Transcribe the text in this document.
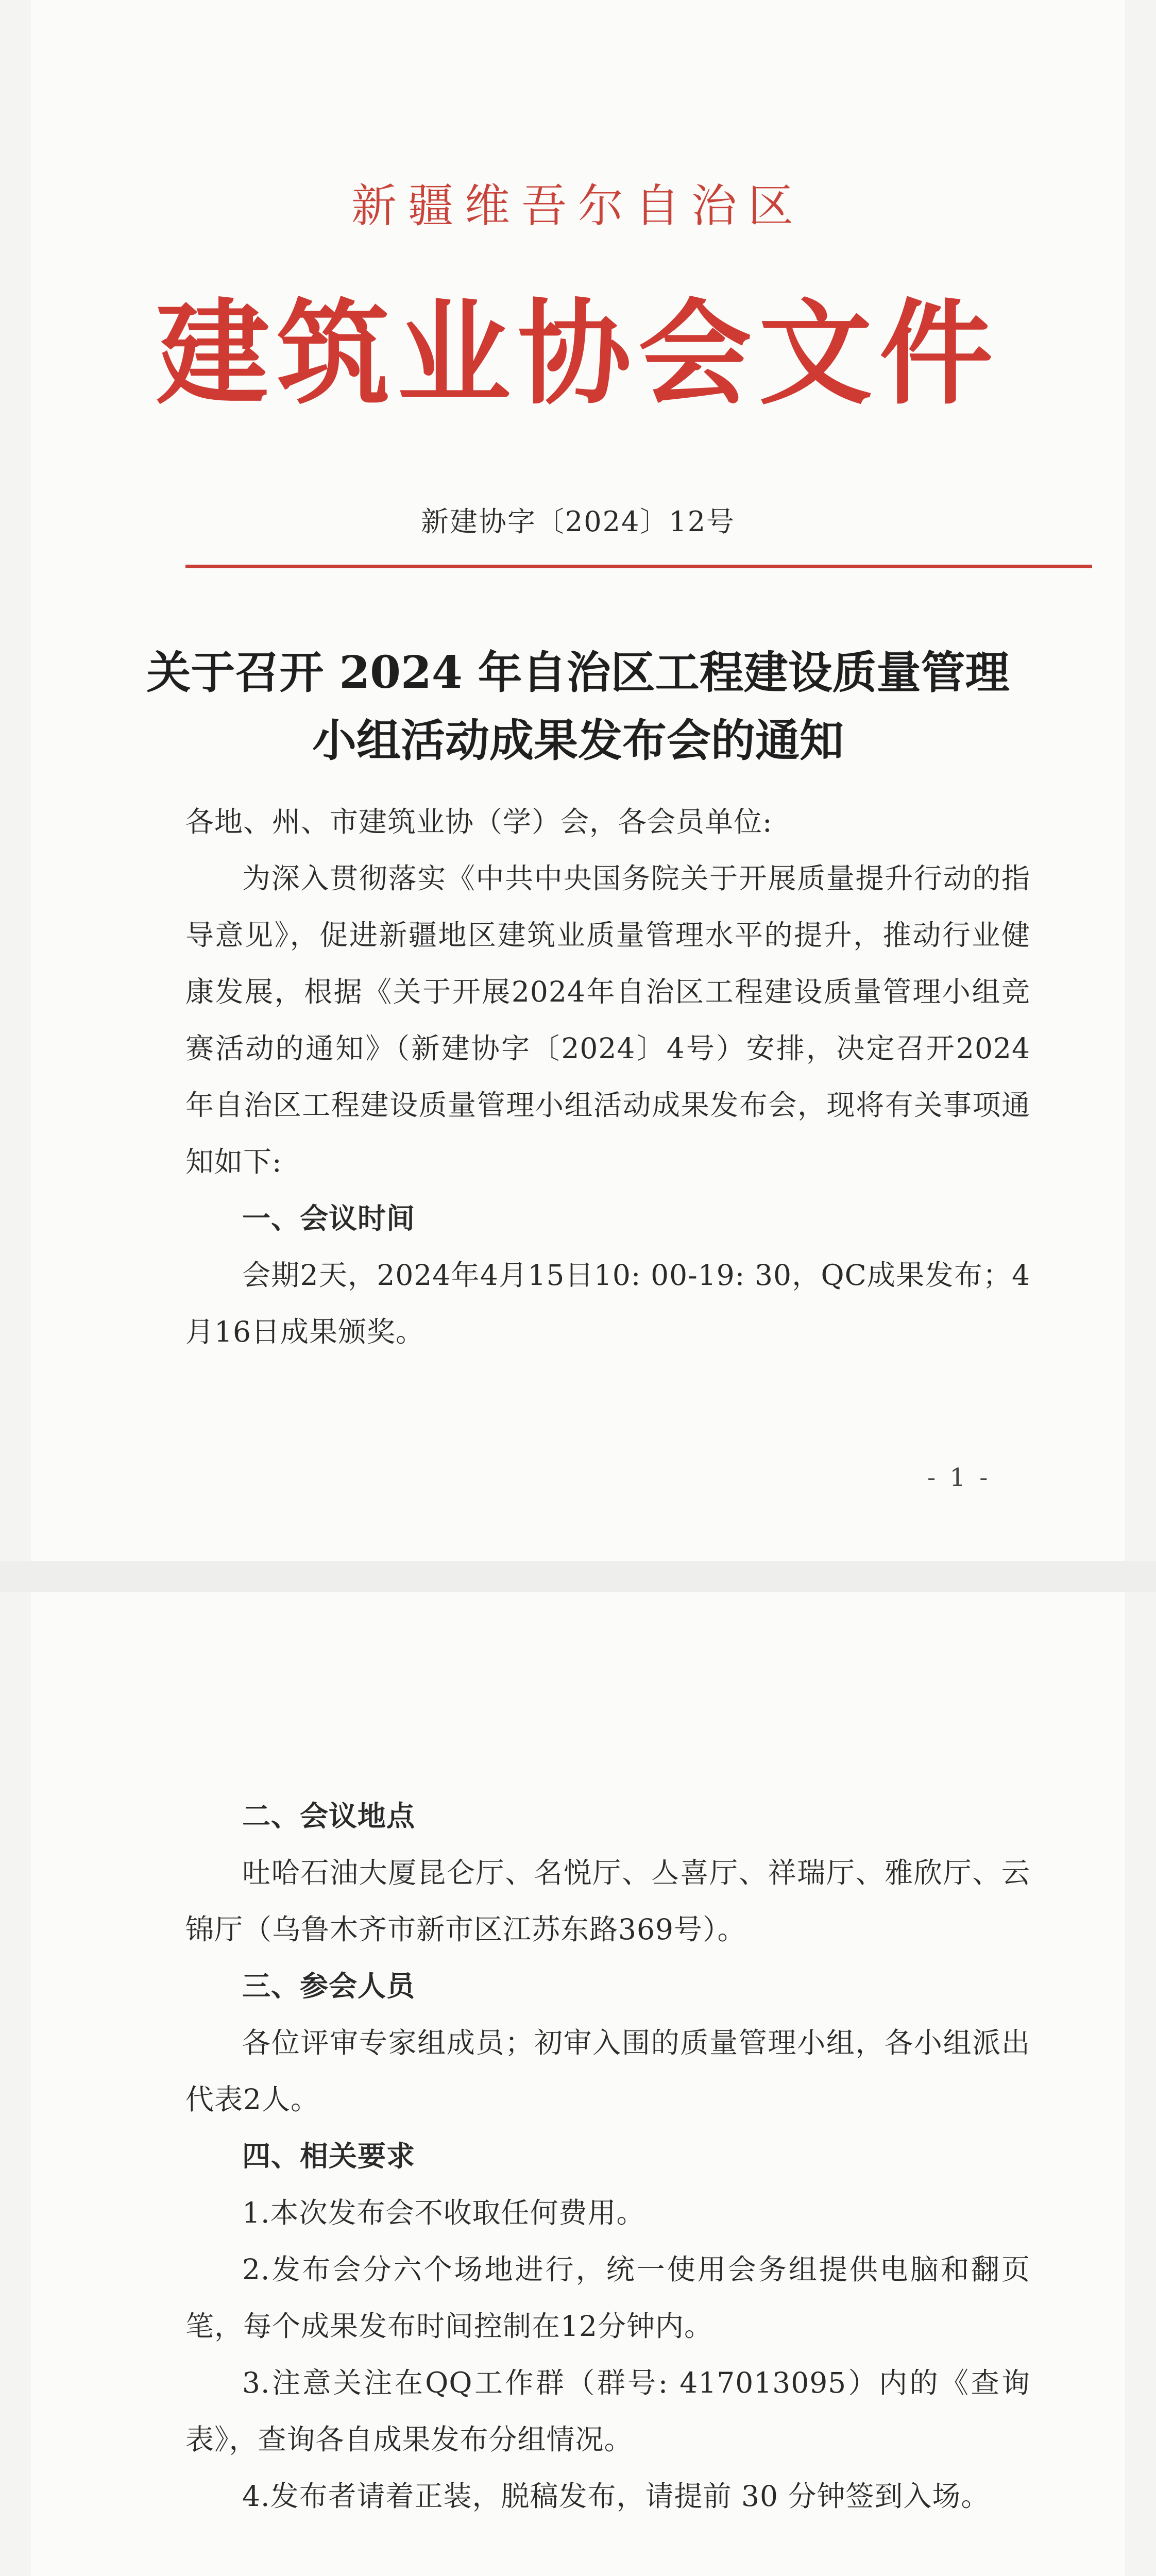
新疆维吾尔自治区
建筑业协会文件
新建协字〔2024〕12号
关于召开 2024 年自治区工程建设质量管理
小组活动成果发布会的通知
各地、州、市建筑业协（学）会，各会员单位:
为深入贯彻落实《中共中央国务院关于开展质量提升行动的指导意见》，促进新疆地区建筑业质量管理水平的提升，推动行业健康发展，根据《关于开展2024年自治区工程建设质量管理小组竞赛活动的通知》（新建协字〔2024〕4号）安排，决定召开2024年自治区工程建设质量管理小组活动成果发布会，现将有关事项通知如下:
一、会议时间
会期2天，2024年4月15日10: 00-19: 30，QC成果发布；4月16日成果颁奖。
- 1 -
二、会议地点
吐哈石油大厦昆仑厅、名悦厅、亼喜厅、祥瑞厅、雅欣厅、云锦厅（乌鲁木齐市新市区江苏东路369号）。
三、参会人员
各位评审专家组成员；初审入围的质量管理小组，各小组派出代表2人。
四、相关要求
1.本次发布会不收取任何费用。
2.发布会分六个场地进行，统一使用会务组提供电脑和翻页笔，每个成果发布时间控制在12分钟内。
3.注意关注在QQ工作群（群号: 417013095）内的《查询表》，查询各自成果发布分组情况。
4.发布者请着正装，脱稿发布，请提前 30 分钟签到入场。
